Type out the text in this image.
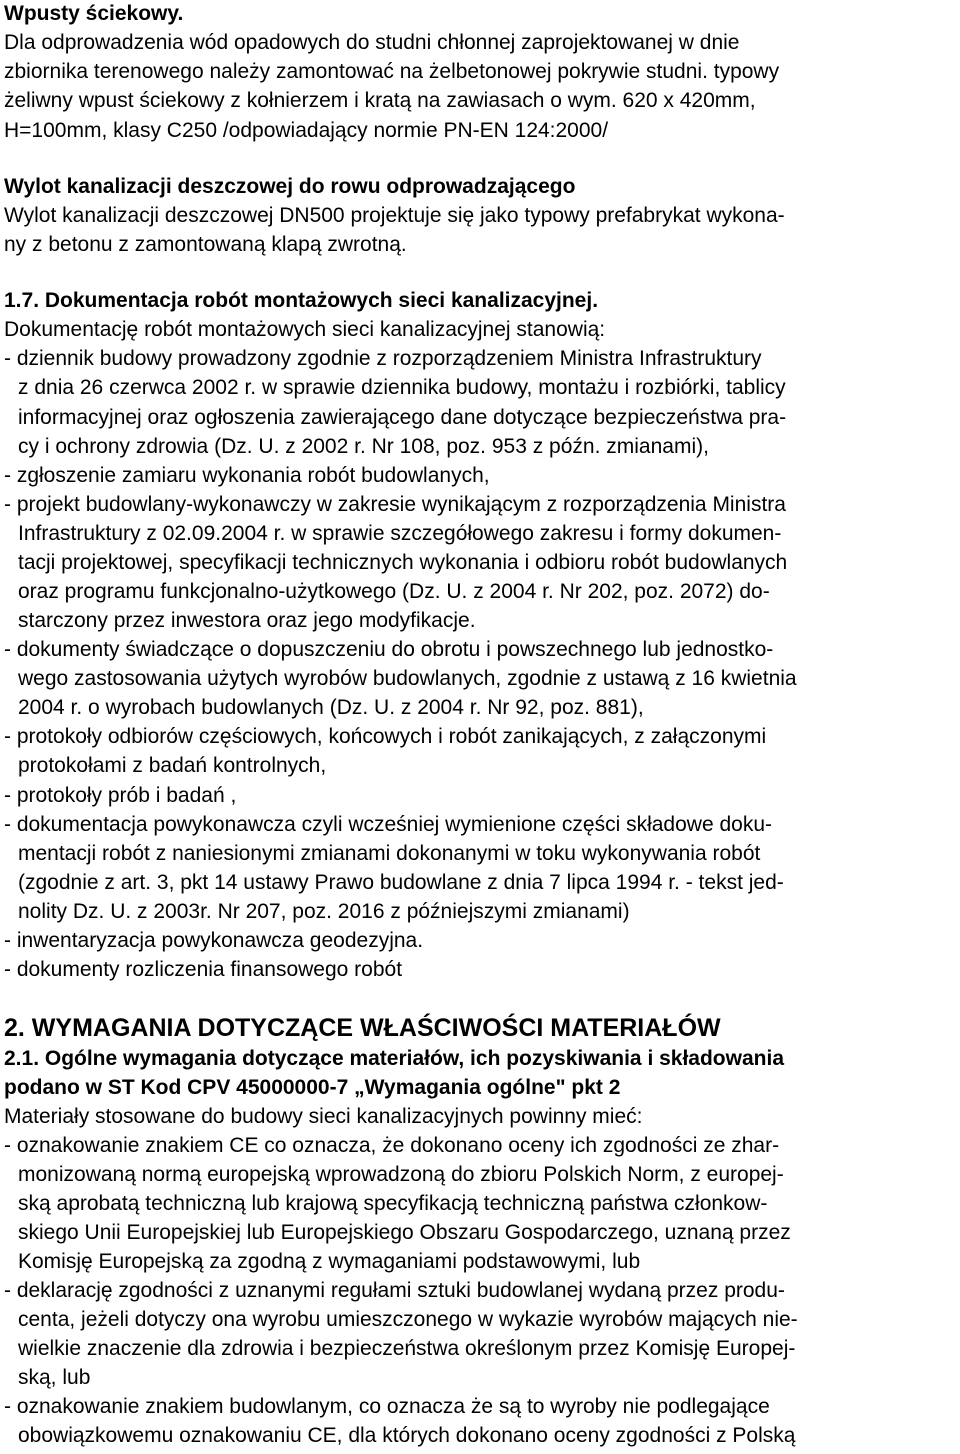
Wpusty ściekowy.
Dla odprowadzenia wód opadowych do studni chłonnej zaprojektowanej w dnie
zbiornika terenowego należy zamontować na żelbetonowej pokrywie studni. typowy
żeliwny wpust ściekowy z kołnierzem i kratą na zawiasach o wym. 620 x 420mm,
H=100mm, klasy C250 /odpowiadający normie PN-EN 124:2000/
Wylot kanalizacji deszczowej do rowu odprowadzającego
Wylot kanalizacji deszczowej DN500 projektuje się jako typowy prefabrykat wykona-
ny z betonu z zamontowaną klapą zwrotną.
1.7. Dokumentacja robót montażowych sieci kanalizacyjnej.
Dokumentację robót montażowych sieci kanalizacyjnej stanowią:
- dziennik budowy prowadzony zgodnie z rozporządzeniem Ministra Infrastruktury
z dnia 26 czerwca 2002 r. w sprawie dziennika budowy, montażu i rozbiórki, tablicy
informacyjnej oraz ogłoszenia zawierającego dane dotyczące bezpieczeństwa pra-
cy i ochrony zdrowia (Dz. U. z 2002 r. Nr 108, poz. 953 z późn. zmianami),
- zgłoszenie zamiaru wykonania robót budowlanych,
- projekt budowlany-wykonawczy w zakresie wynikającym z rozporządzenia Ministra
Infrastruktury z 02.09.2004 r. w sprawie szczegółowego zakresu i formy dokumen-
tacji projektowej, specyfikacji technicznych wykonania i odbioru robót budowlanych
oraz programu funkcjonalno-użytkowego (Dz. U. z 2004 r. Nr 202, poz. 2072) do-
starczony przez inwestora oraz jego modyfikacje.
- dokumenty świadczące o dopuszczeniu do obrotu i powszechnego lub jednostko-
wego zastosowania użytych wyrobów budowlanych, zgodnie z ustawą z 16 kwietnia
2004 r. o wyrobach budowlanych (Dz. U. z 2004 r. Nr 92, poz. 881),
- protokoły odbiorów częściowych, końcowych i robót zanikających, z załączonymi
protokołami z badań kontrolnych,
- protokoły prób i badań ,
- dokumentacja powykonawcza czyli wcześniej wymienione części składowe doku-
mentacji robót z naniesionymi zmianami dokonanymi w toku wykonywania robót
(zgodnie z art. 3, pkt 14 ustawy Prawo budowlane z dnia 7 lipca 1994 r. - tekst jed-
nolity Dz. U. z 2003r. Nr 207, poz. 2016 z późniejszymi zmianami)
- inwentaryzacja powykonawcza geodezyjna.
- dokumenty rozliczenia finansowego robót
2. WYMAGANIA DOTYCZĄCE WŁAŚCIWOŚCI MATERIAŁÓW
2.1. Ogólne wymagania dotyczące materiałów, ich pozyskiwania i składowania
podano w ST Kod CPV 45000000-7 „Wymagania ogólne" pkt 2
Materiały stosowane do budowy sieci kanalizacyjnych powinny mieć:
- oznakowanie znakiem CE co oznacza, że dokonano oceny ich zgodności ze zhar-
monizowaną normą europejską wprowadzoną do zbioru Polskich Norm, z europej-
ską aprobatą techniczną lub krajową specyfikacją techniczną państwa członkow-
skiego Unii Europejskiej lub Europejskiego Obszaru Gospodarczego, uznaną przez
Komisję Europejską za zgodną z wymaganiami podstawowymi, lub
- deklarację zgodności z uznanymi regułami sztuki budowlanej wydaną przez produ-
centa, jeżeli dotyczy ona wyrobu umieszczonego w wykazie wyrobów mających nie-
wielkie znaczenie dla zdrowia i bezpieczeństwa określonym przez Komisję Europej-
ską, lub
- oznakowanie znakiem budowlanym, co oznacza że są to wyroby nie podlegające
obowiązkowemu oznakowaniu CE, dla których dokonano oceny zgodności z Polską
